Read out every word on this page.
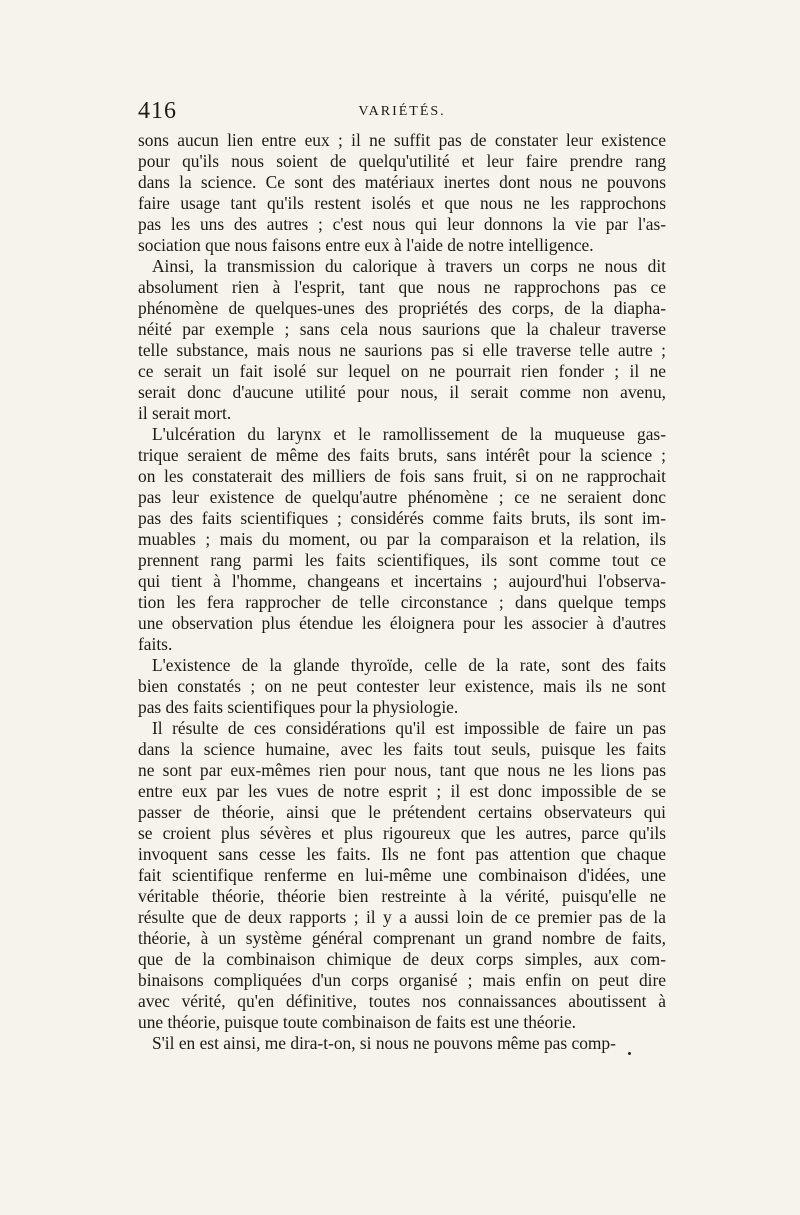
416	VARIÉTÉS.
sons aucun lien entre eux ; il ne suffit pas de constater leur existence
pour qu'ils nous soient de quelqu'utilité et leur faire prendre rang
dans la science. Ce sont des matériaux inertes dont nous ne pouvons
faire usage tant qu'ils restent isolés et que nous ne les rapprochons
pas les uns des autres ; c'est nous qui leur donnons la vie par l'as-
sociation que nous faisons entre eux à l'aide de notre intelligence.
Ainsi, la transmission du calorique à travers un corps ne nous dit
absolument rien à l'esprit, tant que nous ne rapprochons pas ce
phénomène de quelques-unes des propriétés des corps, de la diapha-
néité par exemple ; sans cela nous saurions que la chaleur traverse
telle substance, mais nous ne saurions pas si elle traverse telle autre ;
ce serait un fait isolé sur lequel on ne pourrait rien fonder ; il ne
serait donc d'aucune utilité pour nous, il serait comme non avenu,
il serait mort.
L'ulcération du larynx et le ramollissement de la muqueuse gas-
trique seraient de même des faits bruts, sans intérêt pour la science ;
on les constaterait des milliers de fois sans fruit, si on ne rapprochait
pas leur existence de quelqu'autre phénomène ; ce ne seraient donc
pas des faits scientifiques ; considérés comme faits bruts, ils sont im-
muables ; mais du moment, ou par la comparaison et la relation, ils
prennent rang parmi les faits scientifiques, ils sont comme tout ce
qui tient à l'homme, changeans et incertains ; aujourd'hui l'observa-
tion les fera rapprocher de telle circonstance ; dans quelque temps
une observation plus étendue les éloignera pour les associer à d'autres
faits.
L'existence de la glande thyroïde, celle de la rate, sont des faits
bien constatés ; on ne peut contester leur existence, mais ils ne sont
pas des faits scientifiques pour la physiologie.
Il résulte de ces considérations qu'il est impossible de faire un pas
dans la science humaine, avec les faits tout seuls, puisque les faits
ne sont par eux-mêmes rien pour nous, tant que nous ne les lions pas
entre eux par les vues de notre esprit ; il est donc impossible de se
passer de théorie, ainsi que le prétendent certains observateurs qui
se croient plus sévères et plus rigoureux que les autres, parce qu'ils
invoquent sans cesse les faits. Ils ne font pas attention que chaque
fait scientifique renferme en lui-même une combinaison d'idées, une
véritable théorie, théorie bien restreinte à la vérité, puisqu'elle ne
résulte que de deux rapports ; il y a aussi loin de ce premier pas de la
théorie, à un système général comprenant un grand nombre de faits,
que de la combinaison chimique de deux corps simples, aux com-
binaisons compliquées d'un corps organisé ; mais enfin on peut dire
avec vérité, qu'en définitive, toutes nos connaissances aboutissent à
une théorie, puisque toute combinaison de faits est une théorie.
S'il en est ainsi, me dira-t-on, si nous ne pouvons même pas comp-
